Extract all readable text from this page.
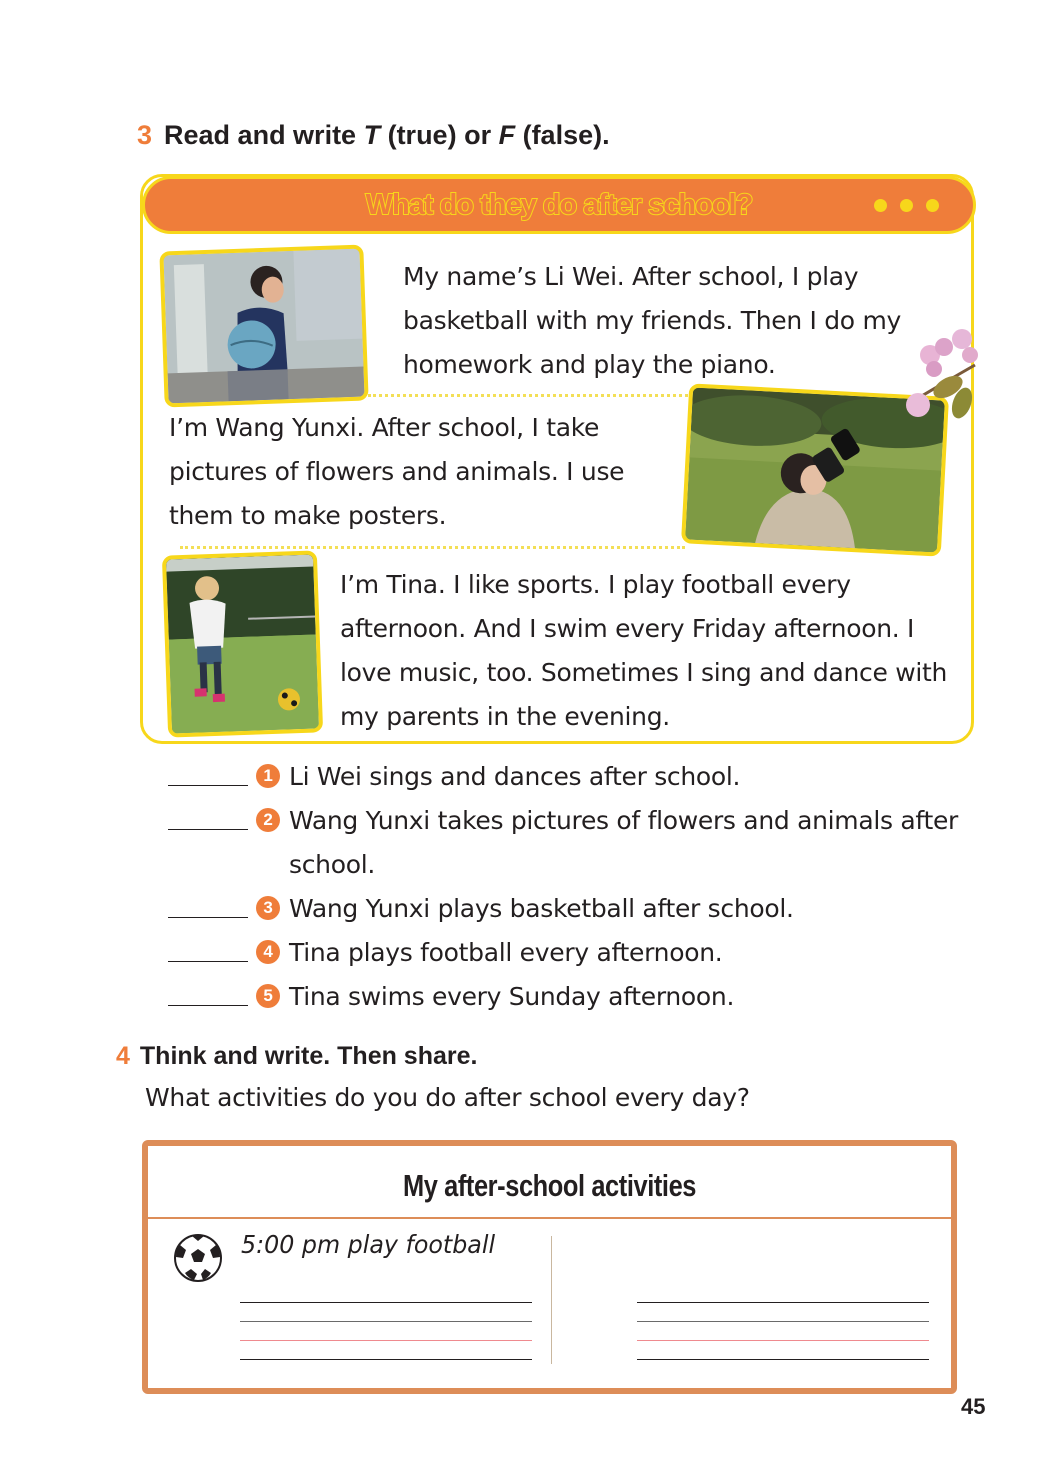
3 Read and write T (true) or F (false).
What do they do after school?
My name’s Li Wei. After school, I play basketball with my friends. Then I do my homework and play the piano.
I’m Wang Yunxi. After school, I take pictures of flowers and animals. I use them to make posters.
I’m Tina. I like sports. I play football every afternoon. And I swim every Friday afternoon. I love music, too. Sometimes I sing and dance with my parents in the evening.
1 Li Wei sings and dances after school.
2 Wang Yunxi takes pictures of flowers and animals after school.
3 Wang Yunxi plays basketball after school.
4 Tina plays football every afternoon.
5 Tina swims every Sunday afternoon.
4 Think and write. Then share.
What activities do you do after school every day?
My after-school activities
5:00 pm play football
45
